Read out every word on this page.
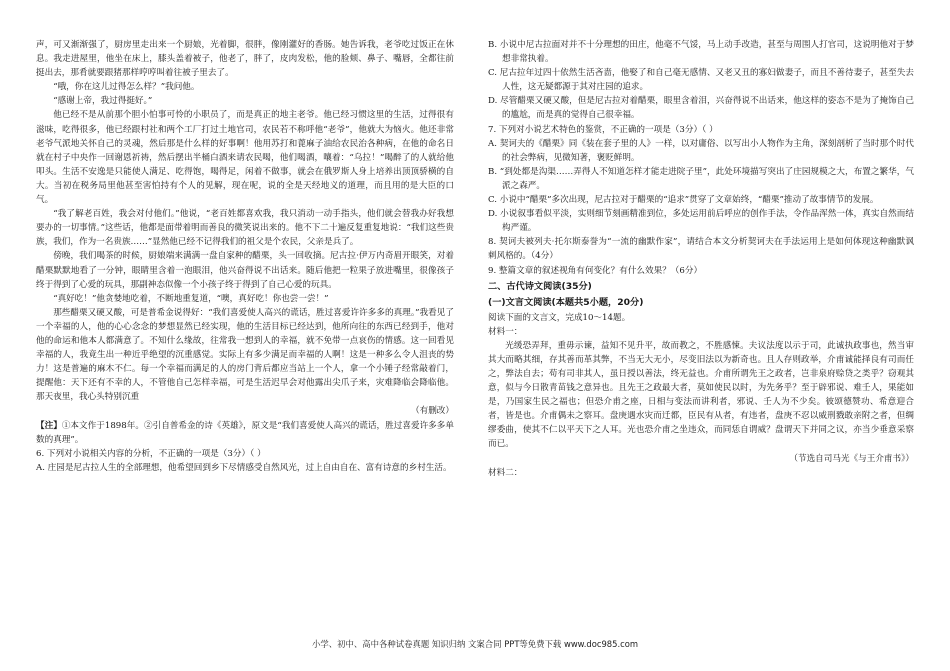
声，可又渐渐强了，厨房里走出来一个厨娘，光着脚，很胖，像刚灌好的香肠。她告诉我，老爷吃过饭正在休息。我走进屋里，他坐在床上，膝头盖着被子，他老了，胖了，皮肉发松，他的脸颊、鼻子、嘴唇，全都往前挺出去，那肴就要跟猪那样哼哼叫着往被子里去了。

“哦，你在这儿过得怎么样？”我问他。

“感谢上帝，我过得挺好。”

他已经不是从前那个胆小怕事可怜的小职员了，而是真正的地主老爷。他已经习惯这里的生活，过得很有滋味，吃得很多，他已经跟村社和两个工厂打过土地官司，农民若不称呼他“老爷”，他就大为恼火。他还非常老爷气派地关怀自己的灵魂，然后那是什么样的好事啊！他用苏打和蓖麻子油给农民治各种病，在他的命名日就在村子中央作一回谢恩祈祷，然后摆出半桶白酒来请农民喝，他们喝酒，嚷着：“乌拉！”喝醉了的人就给他叩头。生活不安逸是只能使人满足、吃得饱，喝得足，闲着不做事，就会在俄罗斯人身上培养出顶顶骄横的自大。当初在税务局里他甚至害怕持有个人的见解，现在呢，说的全是天经地义的道理，而且用的是大臣的口气。

“我了解老百姓，我会对付他们。”他说，“老百姓都喜欢我，我只消动一动手指头，他们就会替我办好我想要办的一切事情。”这些话，他都是面带着明而善良的微笑说出来的。他不下二十遍反复重复地说：“我们这些贵族，我们，作为一名贵族……”显然他已经不记得我们的祖父是个农民，父亲是兵了。

傍晚，我们喝茶的时候，厨娘端来满满一盘自家种的醋栗，头一回收摘。尼古拉·伊万内奇眉开眼笑，对着醋栗默默地看了一分钟，眼睛里含着一泡眼泪，他兴奋得说不出话来。随后他把一粒果子放进嘴里，很像孩子终于得到了心爱的玩具，那副神态似像一个小孩子终于得到了自己心爱的玩具。

“真好吃！”他贪婪地吃着，不断地重复道，“噢，真好吃！你也尝一尝！”

那些醋栗又硬又酸，可是普希金说得好：“我们喜爱使人高兴的谎话，胜过喜爱许许多多的真理。”我看见了一个幸福的人，他的心心念念的梦想显然已经实现，他的生活目标已经达到，他所向往的东西已经到手，他对他的命运和他本人都满意了。不知什么缘故，往常我一想到人的幸福，就不免带一点哀伤的情感。这一回看见幸福的人，我竟生出一种近乎绝望的沉重感觉。实际上有多少满足而幸福的人啊！这是一种多么令人沮丧的势力！这是普遍的麻木不仁。每一个幸福而满足的人的房门背后都应当站上一个人，拿一个小锤子经常敲着门，提醒他：天下还有不幸的人，不管他自己怎样幸福，可是生活迟早会对他露出尖爪子来，灾难降临会降临他。那天夜里，我心头特别沉重

（有删改）

【注】①本文作于1898年。②引自普希金的诗《英雄》，原文是“我们喜爱使人高兴的谎话，胜过喜爱许多多单数的真理”。

6. 下列对小说相关内容的分析，不正确的一项是（3分）（ ）

A. 庄园是尼古拉人生的全部理想，他希望回到乡下尽情感受自然风光，过上自由自在、富有诗意的乡村生活。

B. 小说中尼古拉面对并不十分理想的田庄，他毫不气馁，马上动手改造，甚至与周围人打官司，这说明他对于梦想非常执着。

C. 尼古拉年过四十依然生活吝啬，他娶了和自己毫无感情、又老又丑的寡妇做妻子，而且不善待妻子，甚至失去人性，这无疑都源于其对庄园的追求。

D. 尽管醋栗又硬又酸，但是尼古拉对着醋栗，眼里含着泪，兴奋得说不出话来，他这样的姿态不是为了掩饰自己的尴尬，而是真的觉得自己很幸福。

7. 下列对小说艺术特色的鉴赏，不正确的一项是（3分）（ ）

A. 契诃夫的《醋栗》同《装在套子里的人》一样，以对庸俗、以写出小人物作为主角，深刻剖析了当时那个时代的社会弊病，见微知著，褒贬鲜明。

B. “到处都是沟渠……弄得人不知道怎样才能走进院子里”，此处环境描写突出了庄园规模之大，布置之繁华，气派之森严。

C. 小说中“醋栗”多次出现，尼古拉对于醋栗的“追求”贯穿了文章始终，“醋栗”推动了故事情节的发展。

D. 小说叙事看似平淡，实则细节刻画精准到位，多处运用前后呼应的创作手法，令作品浑然一体，真实自然而结构严谨。

8. 契诃夫被列夫·托尔斯泰誉为“一流的幽默作家”，请结合本文分析契诃夫在手法运用上是如何体现这种幽默讽刺风格的。（4分）

9. 整篇文章的叙述视角有何变化？有什么效果？（6分）

二、古代诗文阅读(35分)

(一)文言文阅读(本题共5小题，20分)

阅读下面的文言文，完成10～14题。

材料一：

光缓恐弄拜，重毋示谏，益知不见升平，故而教之，不胜感悚。夫议法度以示于司，此诚执政事也，然当审其大而略其细，存其善而革其弊，不当无大无小，尽变旧法以为新奇也。且人存则政举，介甫诚能择良有司而任之，弊法自去；苟有司非其人，虽日授以善法，终无益也。介甫所谓先王之政者，岂非泉府赊贷之类乎？窃观其意，似与今日散青苗钱之意异也。且先王之政最大者，莫如使民以时，为先务乎？至于辟邪说、难壬人，果能如是，乃国家生民之福也；但恐介甫之座，日相与变法而讲利者，邪说、壬人为不少矣。彼颂德赞功、希意迎合者，皆是也。介甫偶未之察耳。盘庚遇水灾而迁都，臣民有从者，有违者，盘庚不忍以威刑戮敢亲附之者，但绸缪委曲，使其不仁以平天下之人耳。光也恐介甫之坐违众，而同恁自谓威？盘谓天下并同之议，亦当少垂意采察而已。

（节选自司马光《与王介甫书》）

材料二：

小学、初中、高中各种试卷真题 知识归纳 文案合同 PPT等免费下载 www.doc985.com
